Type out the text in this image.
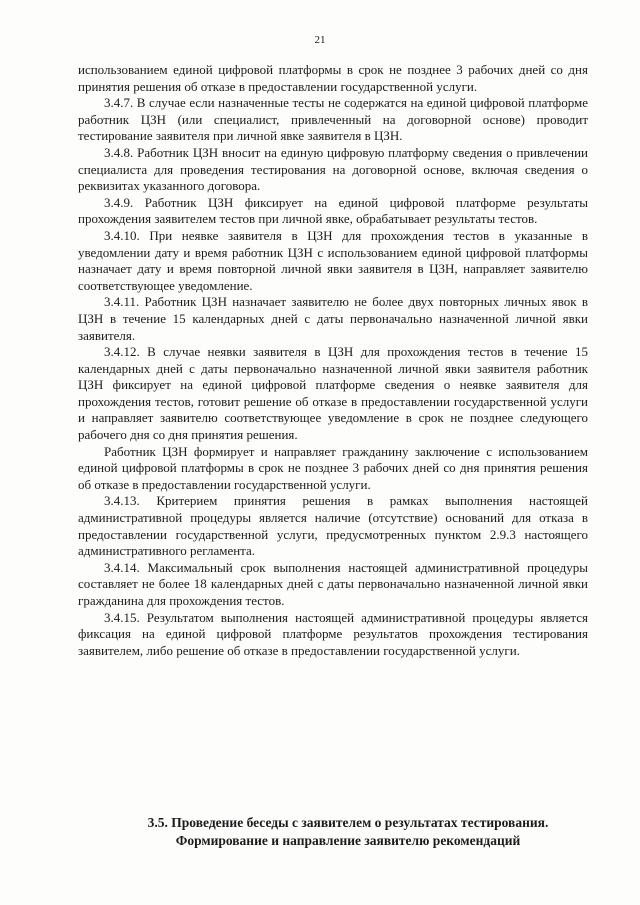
21

использованием единой цифровой платформы в срок не позднее 3 рабочих дней со дня принятия решения об отказе в предоставлении государственной услуги.

3.4.7. В случае если назначенные тесты не содержатся на единой цифровой платформе работник ЦЗН (или специалист, привлеченный на договорной основе) проводит тестирование заявителя при личной явке заявителя в ЦЗН.

3.4.8. Работник ЦЗН вносит на единую цифровую платформу сведения о привлечении специалиста для проведения тестирования на договорной основе, включая сведения о реквизитах указанного договора.

3.4.9. Работник ЦЗН фиксирует на единой цифровой платформе результаты прохождения заявителем тестов при личной явке, обрабатывает результаты тестов.

3.4.10. При неявке заявителя в ЦЗН для прохождения тестов в указанные в уведомлении дату и время работник ЦЗН с использованием единой цифровой платформы назначает дату и время повторной личной явки заявителя в ЦЗН, направляет заявителю соответствующее уведомление.

3.4.11. Работник ЦЗН назначает заявителю не более двух повторных личных явок в ЦЗН в течение 15 календарных дней с даты первоначально назначенной личной явки заявителя.

3.4.12. В случае неявки заявителя в ЦЗН для прохождения тестов в течение 15 календарных дней с даты первоначально назначенной личной явки заявителя работник ЦЗН фиксирует на единой цифровой платформе сведения о неявке заявителя для прохождения тестов, готовит решение об отказе в предоставлении государственной услуги и направляет заявителю соответствующее уведомление в срок не позднее следующего рабочего дня со дня принятия решения.

Работник ЦЗН формирует и направляет гражданину заключение с использованием единой цифровой платформы в срок не позднее 3 рабочих дней со дня принятия решения об отказе в предоставлении государственной услуги.

3.4.13. Критерием принятия решения в рамках выполнения настоящей административной процедуры является наличие (отсутствие) оснований для отказа в предоставлении государственной услуги, предусмотренных пунктом 2.9.3 настоящего административного регламента.

3.4.14. Максимальный срок выполнения настоящей административной процедуры составляет не более 18 календарных дней с даты первоначально назначенной личной явки гражданина для прохождения тестов.

3.4.15. Результатом выполнения настоящей административной процедуры является фиксация на единой цифровой платформе результатов прохождения тестирования заявителем, либо решение об отказе в предоставлении государственной услуги.

3.5. Проведение беседы с заявителем о результатах тестирования.
Формирование и направление заявителю рекомендаций
